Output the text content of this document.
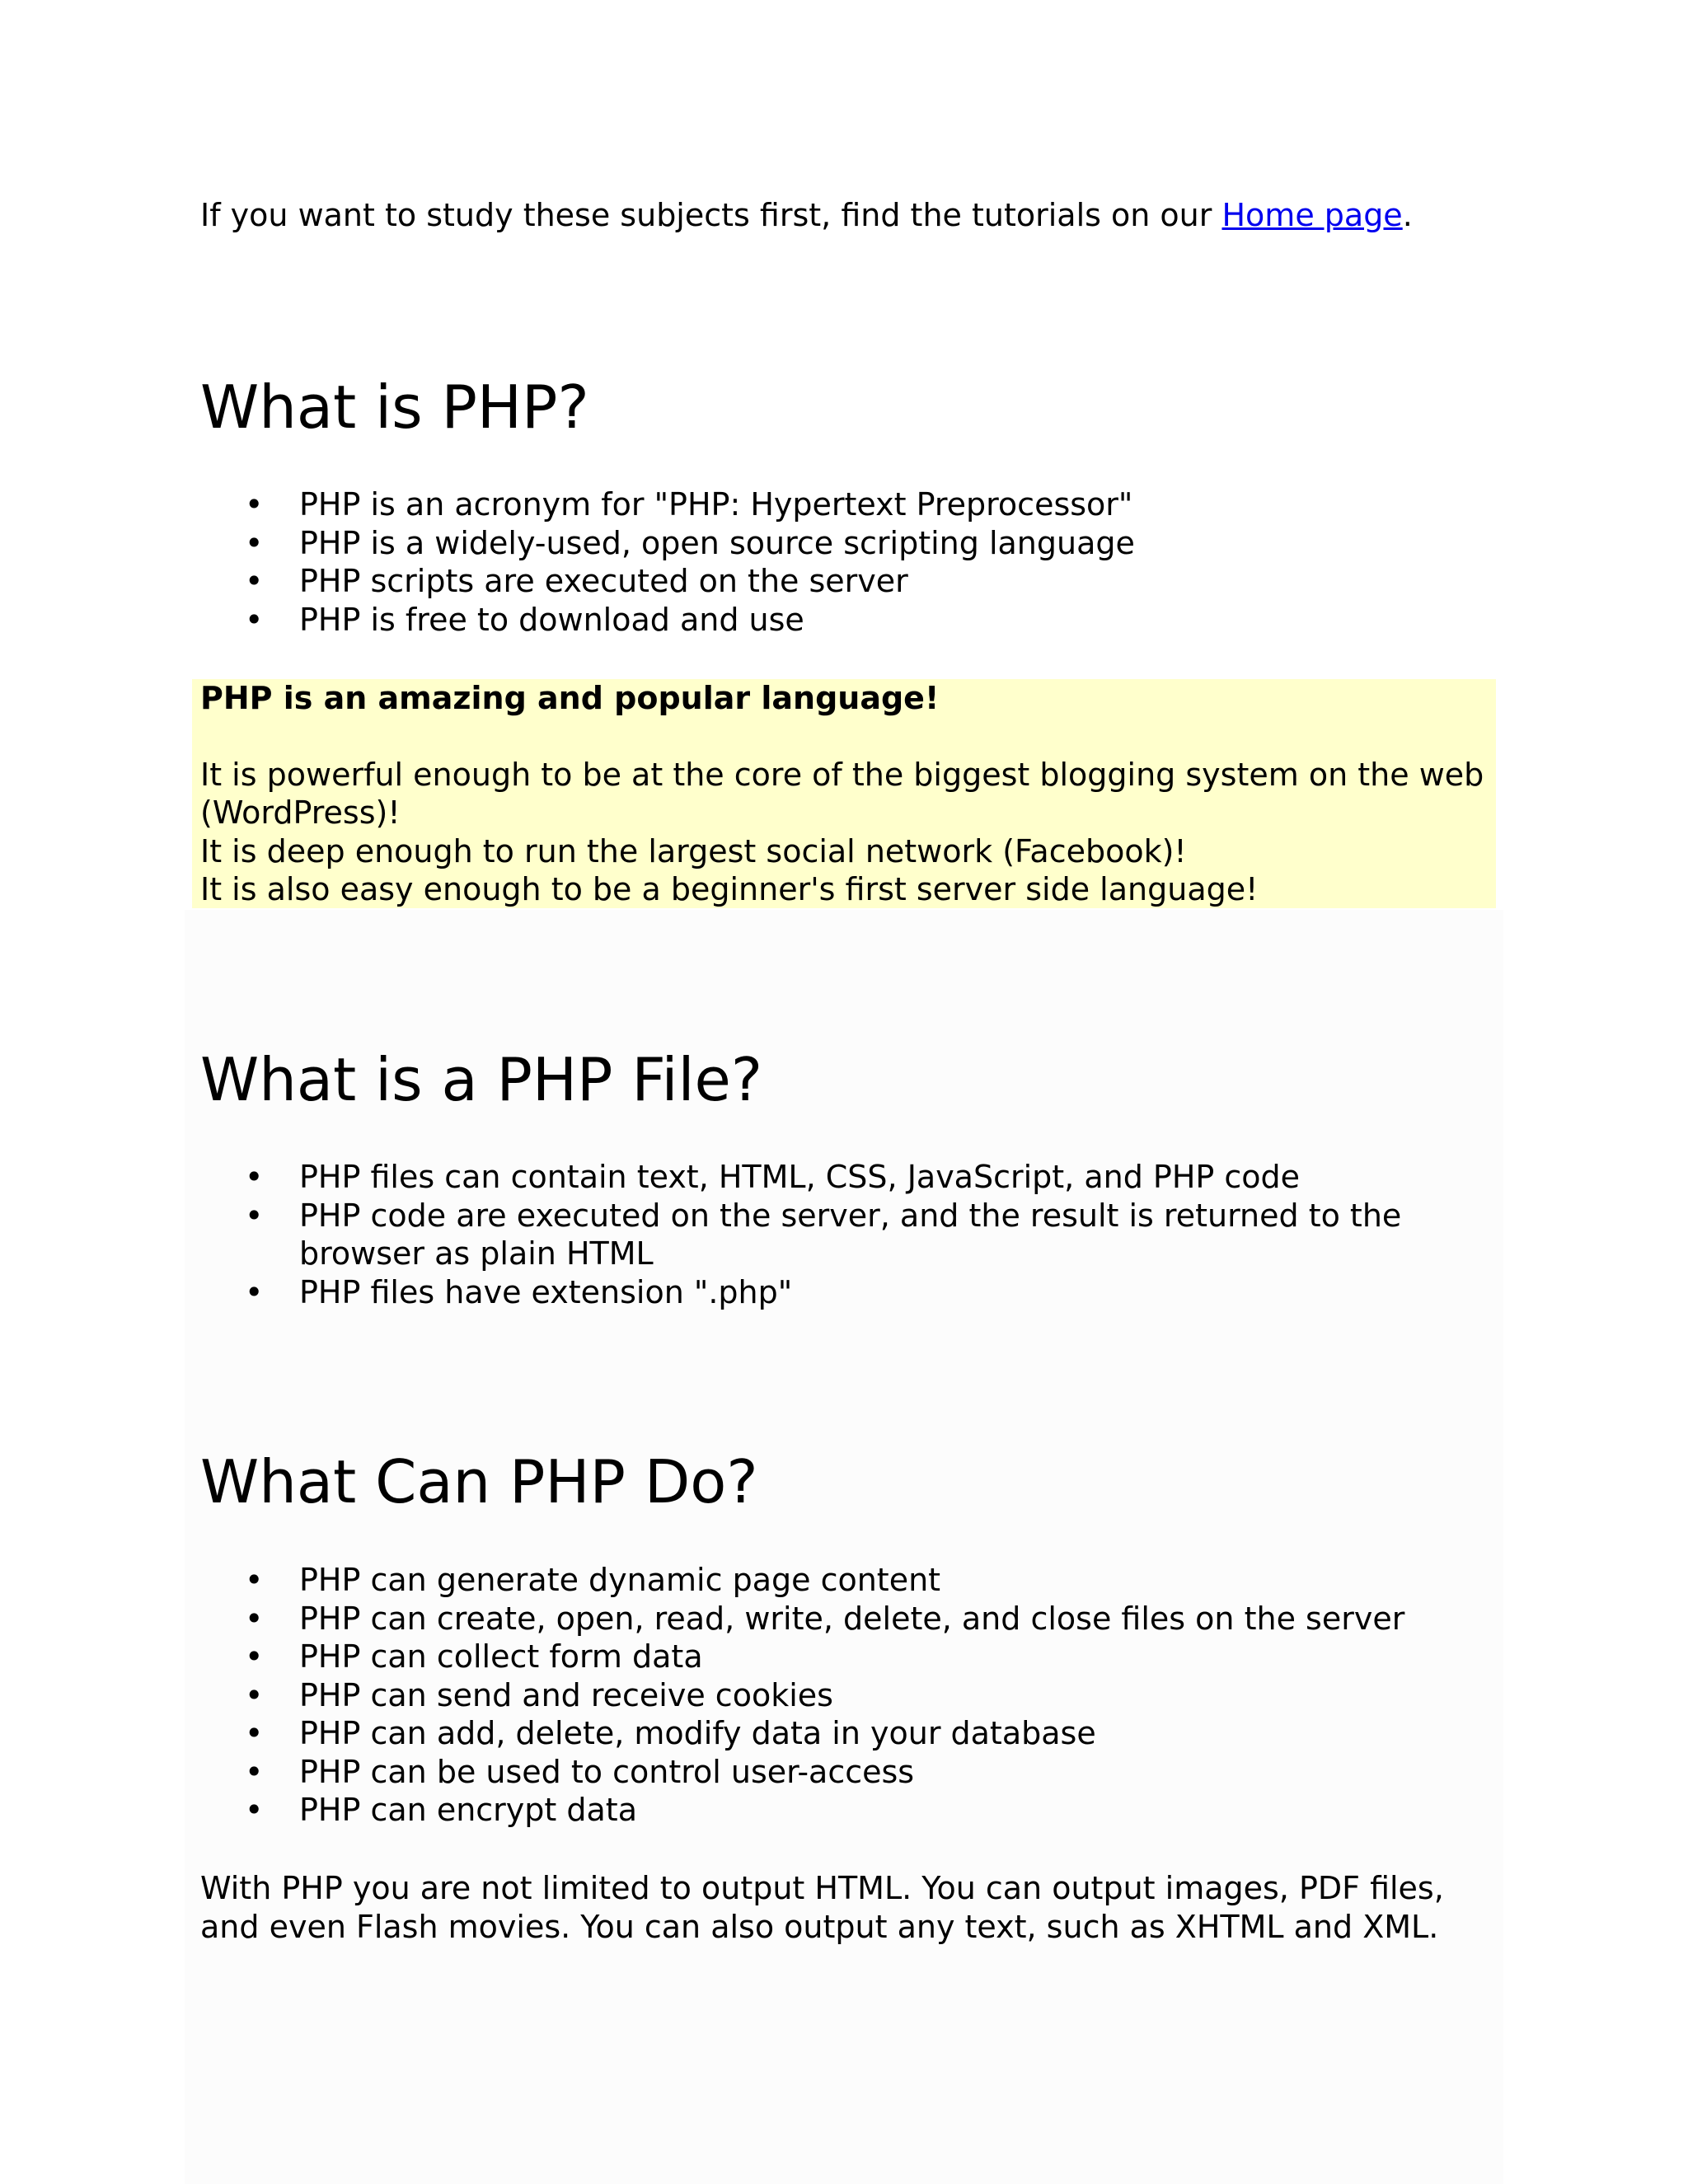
If you want to study these subjects first, find the tutorials on our Home page.

What is PHP?
• PHP is an acronym for "PHP: Hypertext Preprocessor"
• PHP is a widely-used, open source scripting language
• PHP scripts are executed on the server
• PHP is free to download and use

PHP is an amazing and popular language!

It is powerful enough to be at the core of the biggest blogging system on the web (WordPress)!

It is deep enough to run the largest social network (Facebook)!

It is also easy enough to be a beginner's first server side language!

What is a PHP File?
• PHP files can contain text, HTML, CSS, JavaScript, and PHP code
• PHP code are executed on the server, and the result is returned to the browser as plain HTML
• PHP files have extension ".php"
What Can PHP Do?
• PHP can generate dynamic page content
• PHP can create, open, read, write, delete, and close files on the server
• PHP can collect form data
• PHP can send and receive cookies
• PHP can add, delete, modify data in your database
• PHP can be used to control user-access
• PHP can encrypt data

With PHP you are not limited to output HTML. You can output images, PDF files, and even Flash movies. You can also output any text, such as XHTML and XML.
